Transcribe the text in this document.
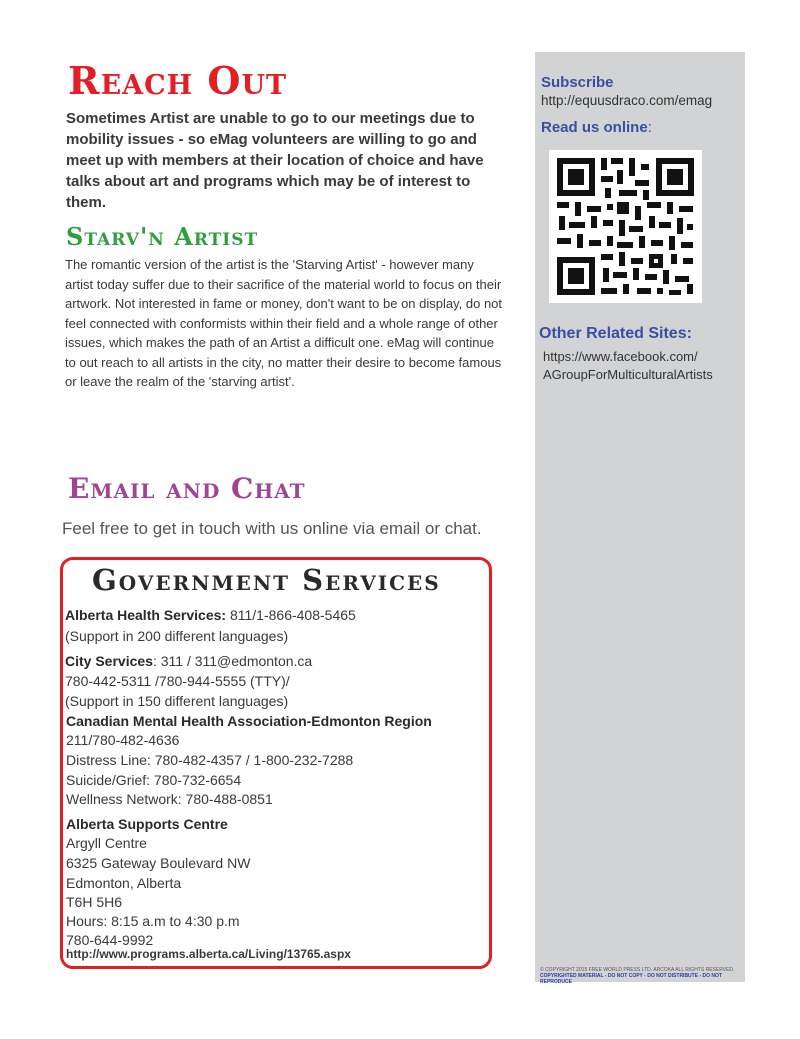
Subscribe
http://equusdraco.com/emag
Read us online:
Other Related Sites:
https://www.facebook.com/
AGroupForMulticulturalArtists
© COPYRIGHT 2015 FREE WORLD PRESS LTD. ARCOKA ALL RIGHTS RESERVED.
COPYRIGHTED MATERIAL - DO NOT COPY - DO NOT DISTRIBUTE - DO NOT REPRODUCE
Reach Out
Sometimes Artist are unable to go to our meetings due to mobility issues - so eMag volunteers are willing to go and meet up with members at their location of choice and have talks about art and programs which may be of interest to them.
Starv'n Artist
The romantic version of the artist is the 'Starving Artist' - however many artist today suffer due to their sacrifice of the material world to focus on their artwork. Not interested in fame or money, don't want to be on display, do not feel connected with conformists within their field and a whole range of other issues, which makes the path of an Artist a difficult one. eMag will continue to out reach to all artists in the city, no matter their desire to become famous or leave the realm of the 'starving artist'.
Email and Chat
Feel free to get in touch with us online via email or chat.
Government Services
Alberta Health Services: 811/1-866-408-5465
(Support in 200 different languages)
City Services: 311 / 311@edmonton.ca
780-442-5311 /780-944-5555 (TTY)/
(Support in 150 different languages)
Canadian Mental Health Association-Edmonton Region
211/780-482-4636
Distress Line: 780-482-4357 / 1-800-232-7288
Suicide/Grief: 780-732-6654
Wellness Network: 780-488-0851
Alberta Supports Centre
Argyll Centre
6325 Gateway Boulevard NW
Edmonton, Alberta
T6H 5H6
Hours: 8:15 a.m to 4:30 p.m
780-644-9992
http://www.programs.alberta.ca/Living/13765.aspx
